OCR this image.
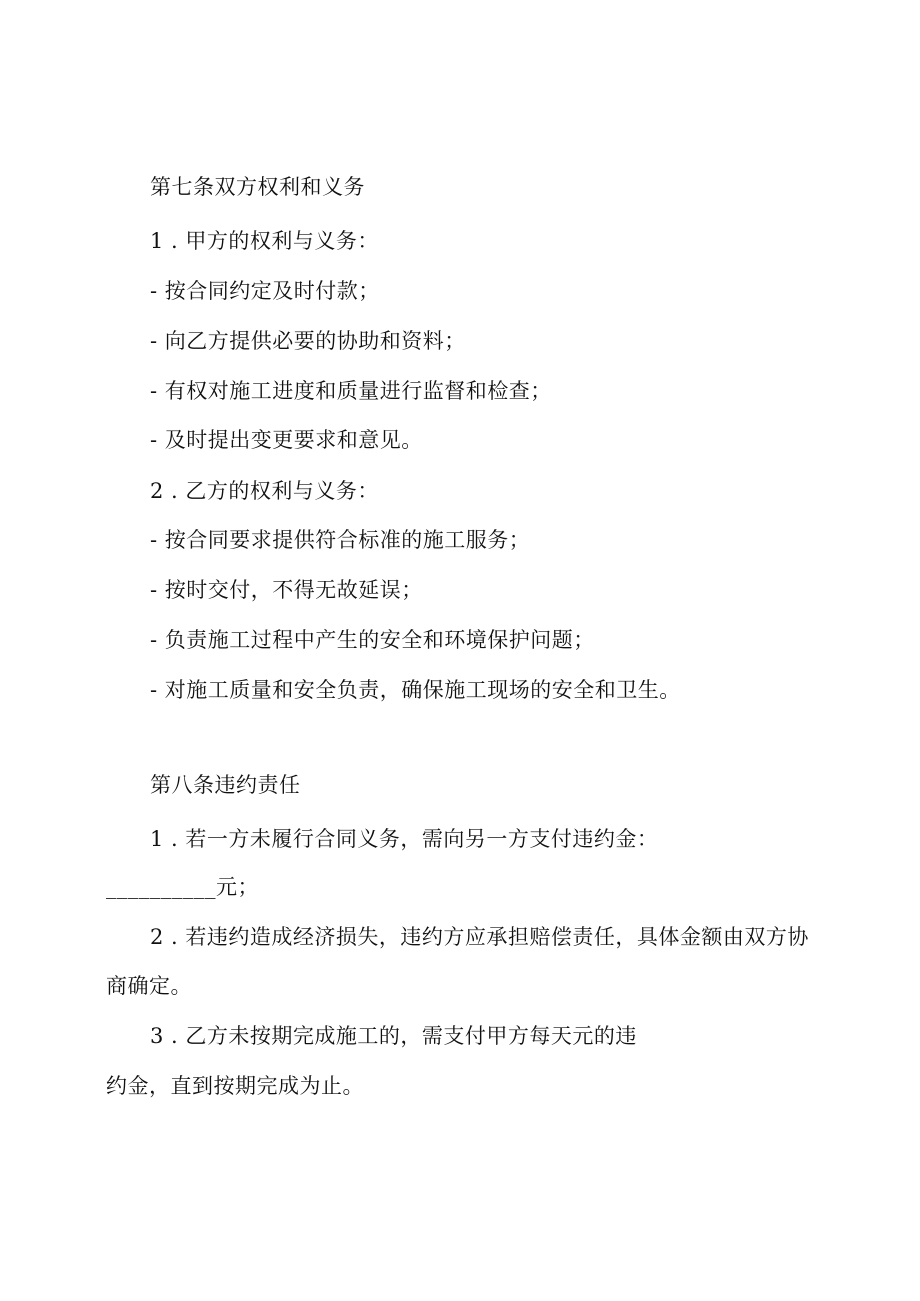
第七条双方权利和义务
1 . 甲方的权利与义务：
- 按合同约定及时付款；
- 向乙方提供必要的协助和资料；
- 有权对施工进度和质量进行监督和检查；
- 及时提出变更要求和意见。
2 . 乙方的权利与义务：
- 按合同要求提供符合标准的施工服务；
- 按时交付，不得无故延误；
- 负责施工过程中产生的安全和环境保护问题；
- 对施工质量和安全负责，确保施工现场的安全和卫生。
第八条违约责任
1 . 若一方未履行合同义务，需向另一方支付违约金：
__________元；
2 . 若违约造成经济损失，违约方应承担赔偿责任，具体金额由双方协
商确定。
3 . 乙方未按期完成施工的，需支付甲方每天元的违
约金，直到按期完成为止。
